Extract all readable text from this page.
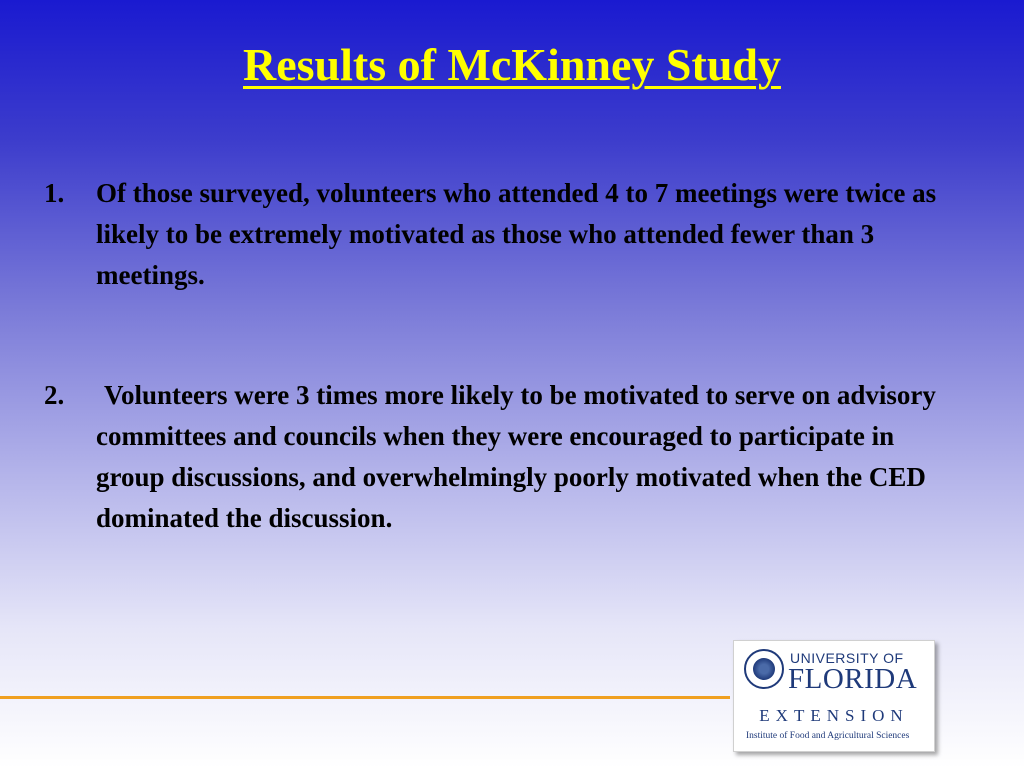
Results of McKinney Study
1. Of those surveyed, volunteers who attended 4 to 7 meetings were twice as likely to be extremely motivated as those who attended fewer than 3 meetings.
2. Volunteers were 3 times more likely to be motivated to serve on advisory committees and councils when they were encouraged to participate in group discussions, and overwhelmingly poorly motivated when the CED dominated the discussion.
UNIVERSITY OF
FLORIDA
EXTENSION
Institute of Food and Agricultural Sciences
